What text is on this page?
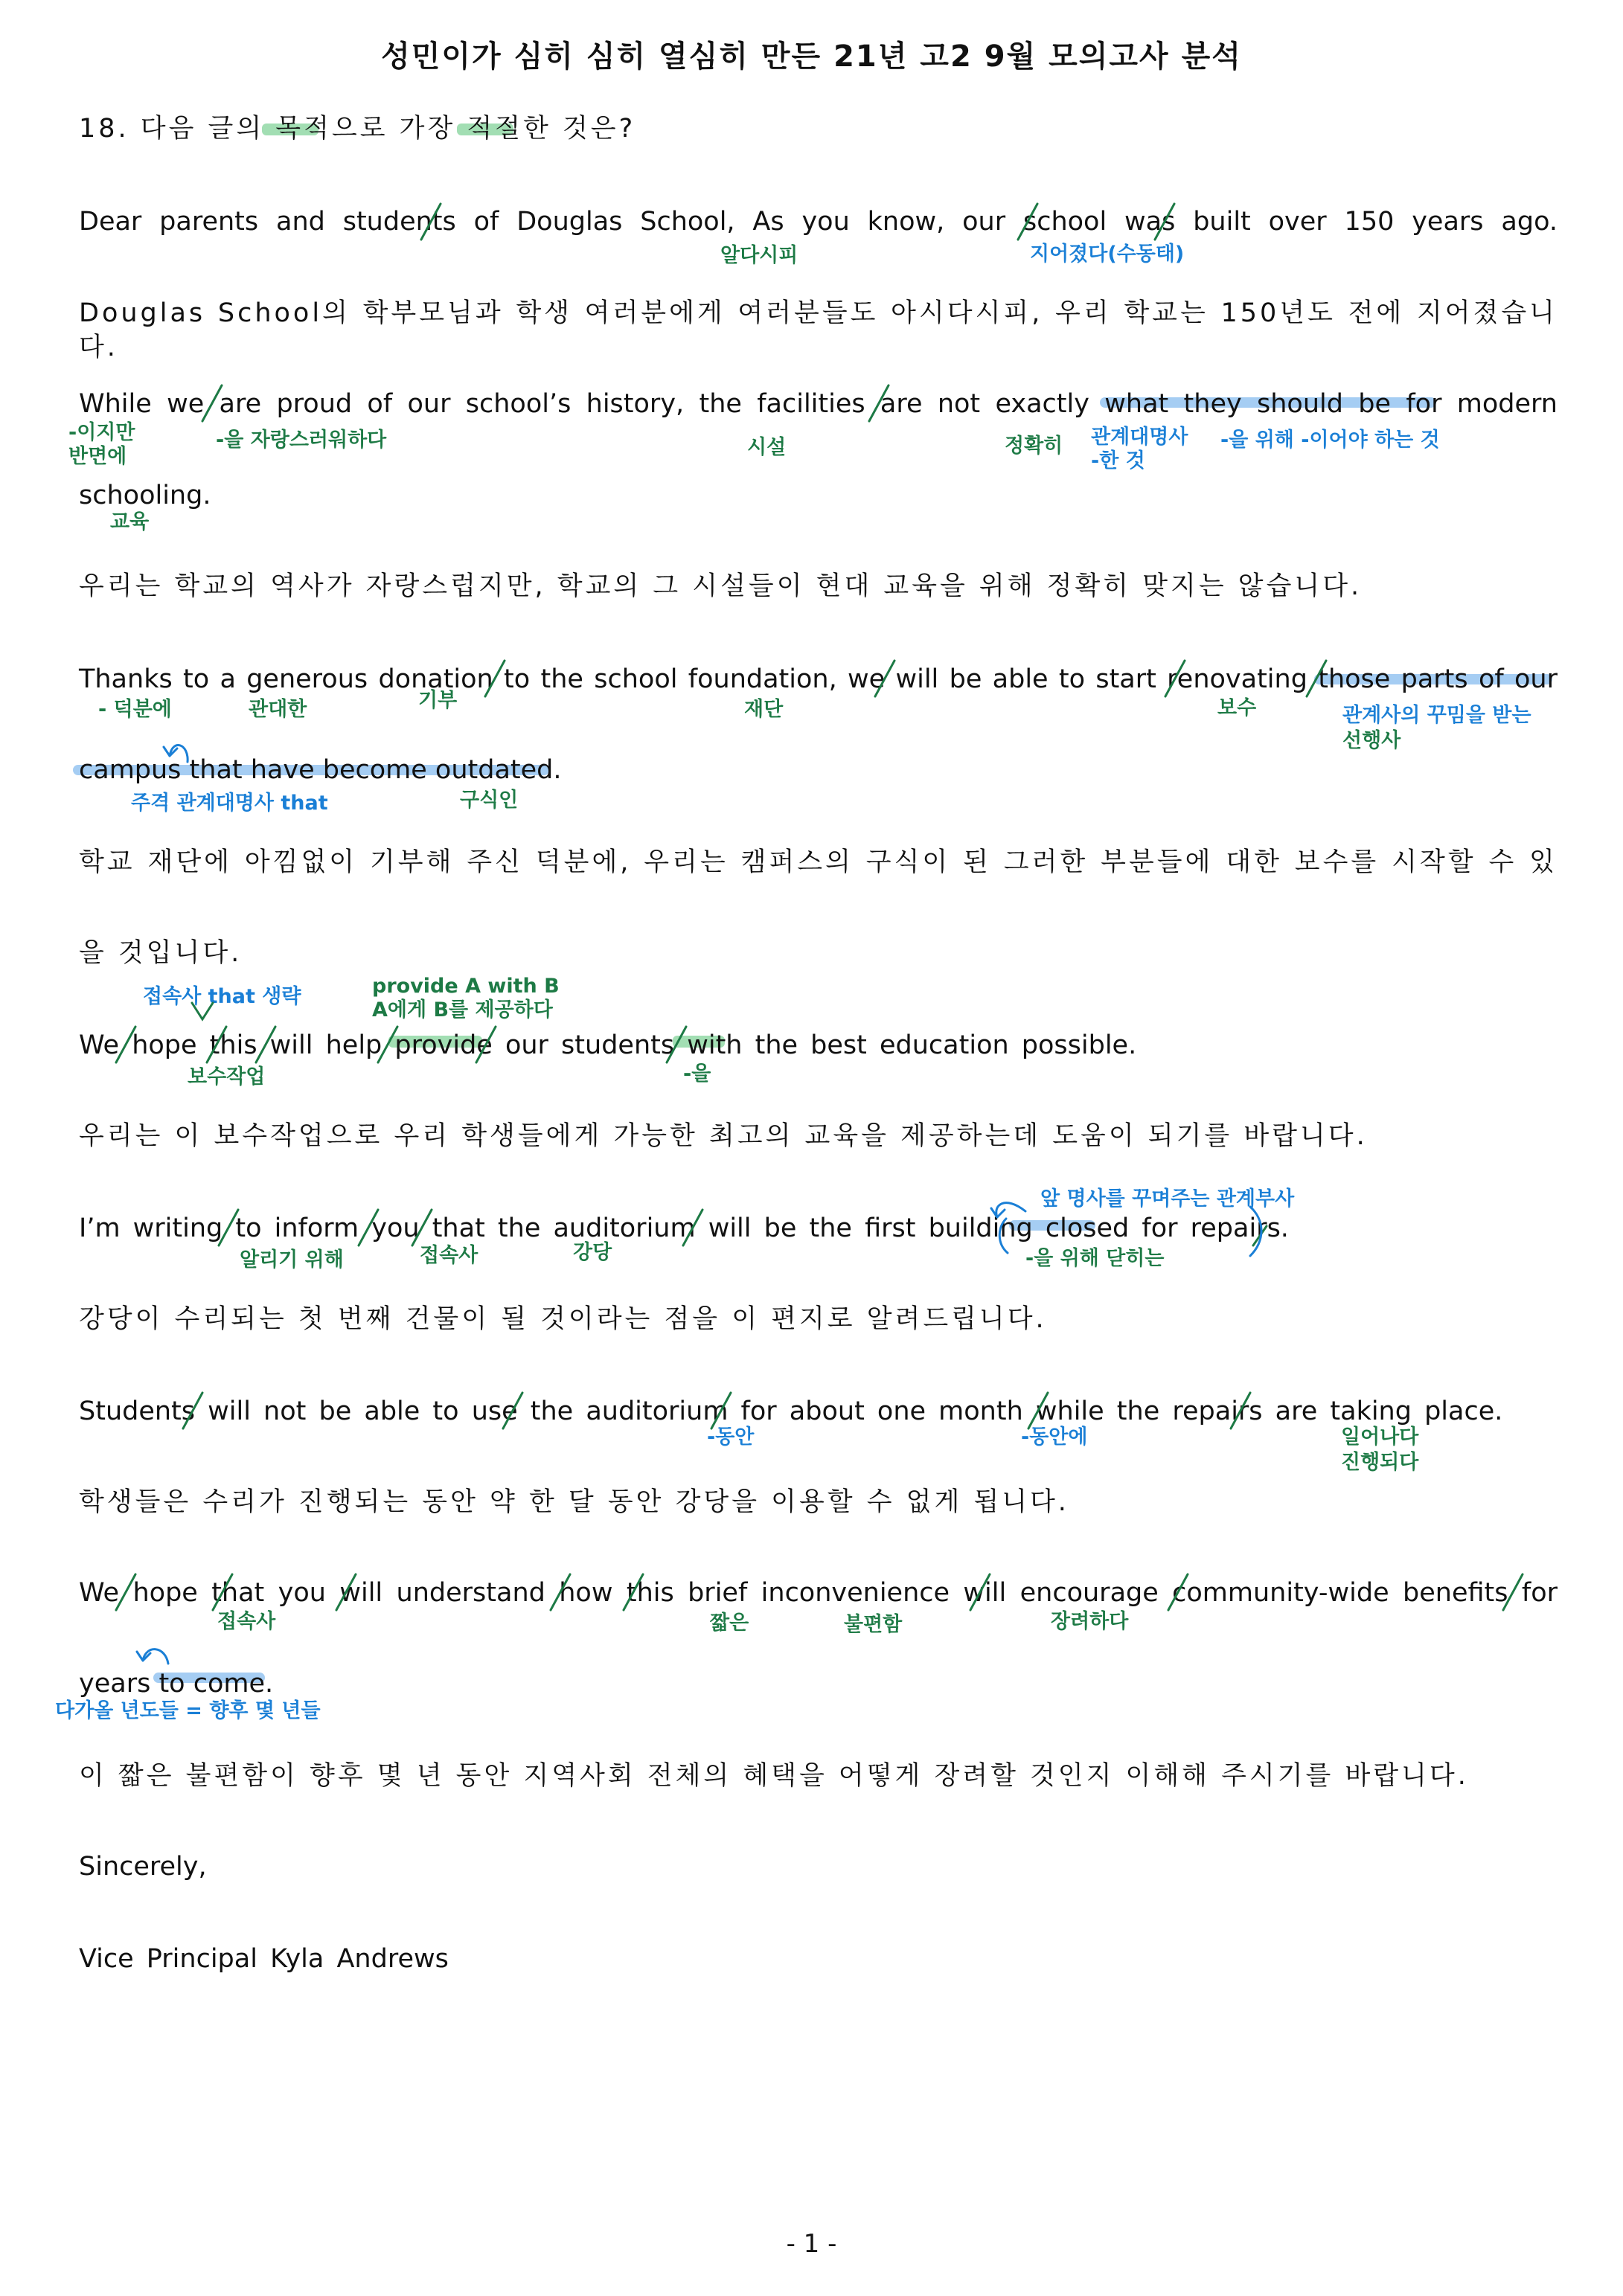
성민이가 심히 심히 열심히 만든 21년 고2 9월 모의고사 분석
18. 다음 글의 목적으로 가장 적절한 것은?
Dear parents and students of Douglas School, As you know, our school was built over 150 years ago.
Douglas School의 학부모님과 학생 여러분에게 여러분들도 아시다시피, 우리 학교는 150년도 전에 지어졌습니다.
While we are proud of our school’s history, the facilities are not exactly what they should be for modern
schooling.
우리는 학교의 역사가 자랑스럽지만, 학교의 그 시설들이 현대 교육을 위해 정확히 맞지는 않습니다.
Thanks to a generous donation to the school foundation, we will be able to start renovating those parts of our
campus that have become outdated.
학교 재단에 아낌없이 기부해 주신 덕분에, 우리는 캠퍼스의 구식이 된 그러한 부분들에 대한 보수를 시작할 수 있
을 것입니다.
We hope this will help provide our students with the best education possible.
우리는 이 보수작업으로 우리 학생들에게 가능한 최고의 교육을 제공하는데 도움이 되기를 바랍니다.
I’m writing to inform you that the auditorium will be the first building closed for repairs.
강당이 수리되는 첫 번째 건물이 될 것이라는 점을 이 편지로 알려드립니다.
Students will not be able to use the auditorium for about one month while the repairs are taking place.
학생들은 수리가 진행되는 동안 약 한 달 동안 강당을 이용할 수 없게 됩니다.
We hope that you will understand how this brief inconvenience will encourage community-wide benefits for
years to come.
이 짧은 불편함이 향후 몇 년 동안 지역사회 전체의 혜택을 어떻게 장려할 것인지 이해해 주시기를 바랍니다.
Sincerely,
Vice Principal Kyla Andrews
알다시피	지어졌다(수동태)
-이지만
반면에
-을 자랑스러워하다	시설	정확히 관계대명사
-한 것
-을 위해 -이어야 하는 것
교육
- 덕분에	관대한	기부	재단	보수	관계사의 꾸밈을 받는
선행사
주격 관계대명사 that	구식인
접속사 that 생략	provide A with B
A에게 B를 제공하다
보수작업	-을
앞 명사를 꾸며주는 관계부사
알리기 위해	접속사	강당	-을 위해 닫히는
-동안	-동안에	일어나다
진행되다
접속사	짧은	불편함	장려하다
다가올 년도들 = 향후 몇 년들
- 1 -
